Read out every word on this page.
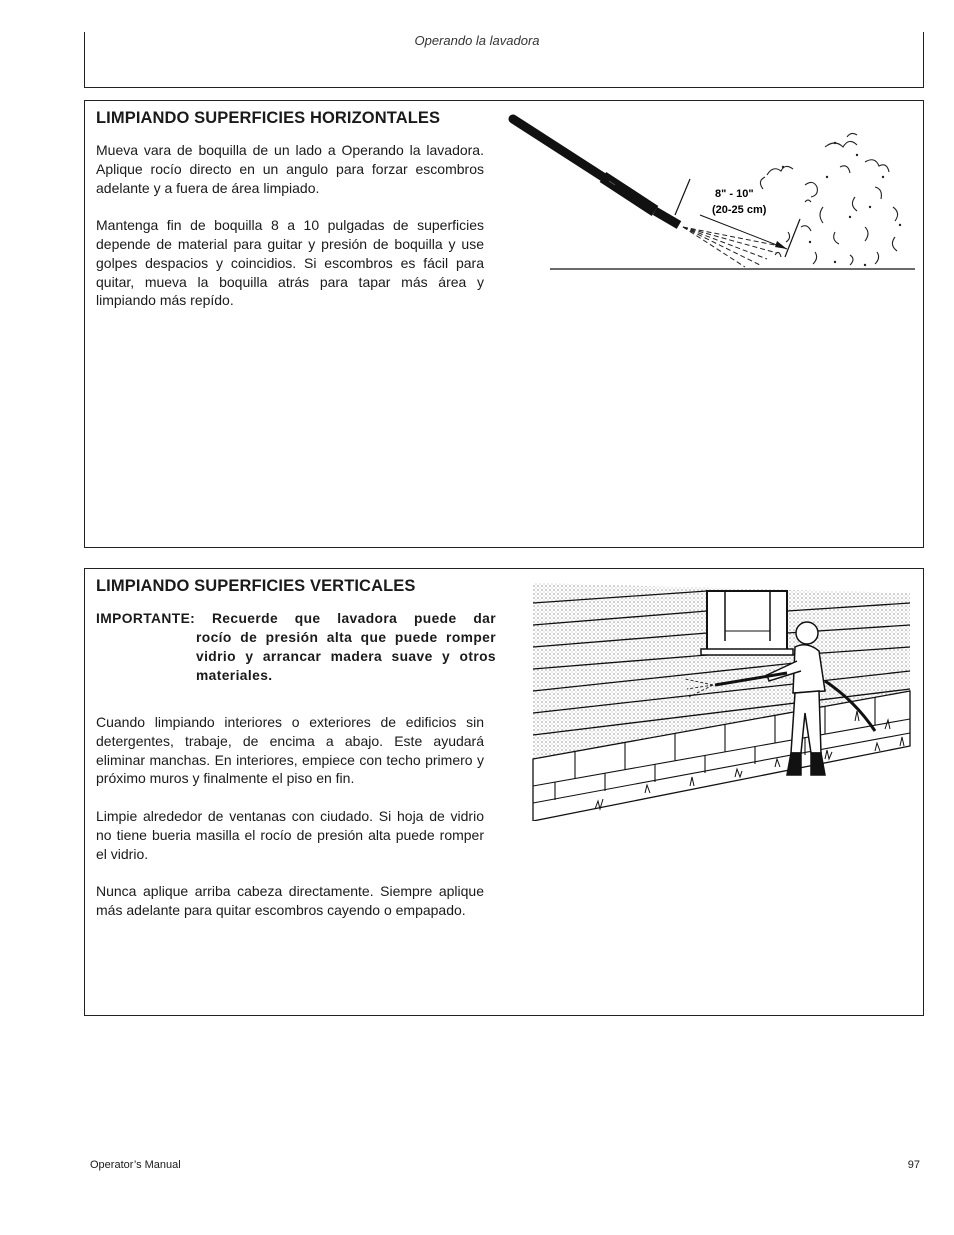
Operando la lavadora
LIMPIANDO SUPERFICIES HORIZONTALES

Mueva vara de boquilla de un lado a Operando la lavadora. Aplique rocío directo en un angulo para forzar escombros adelante y a fuera de área limpiado.

Mantenga fin de boquilla 8 a 10 pulgadas de superficies depende de material para guitar y presión de boquilla y use golpes despacios y coincidios. Si escombros es fácil para quitar, mueva la boquilla atrás para tapar más área y limpiando más repído.

8" - 10"
(20-25 cm)
LIMPIANDO SUPERFICIES VERTICALES
IMPORTANTE: Recuerde que lavadora puede dar
rocío de presión alta que puede romper vidrio y arrancar madera suave y otros materiales.

Cuando limpiando interiores o exteriores de edificios sin detergentes, trabaje, de encima a abajo. Este ayudará eliminar manchas. En interiores, empiece con techo primero y próximo muros y finalmente el piso en fin.

Limpie alrededor de ventanas con ciudado. Si hoja de vidrio no tiene bueria masilla el rocío de presión alta puede romper el vidrio.

Nunca aplique arriba cabeza directamente. Siempre aplique más adelante para quitar escombros cayendo o empapado.

Operator’s Manual	97
